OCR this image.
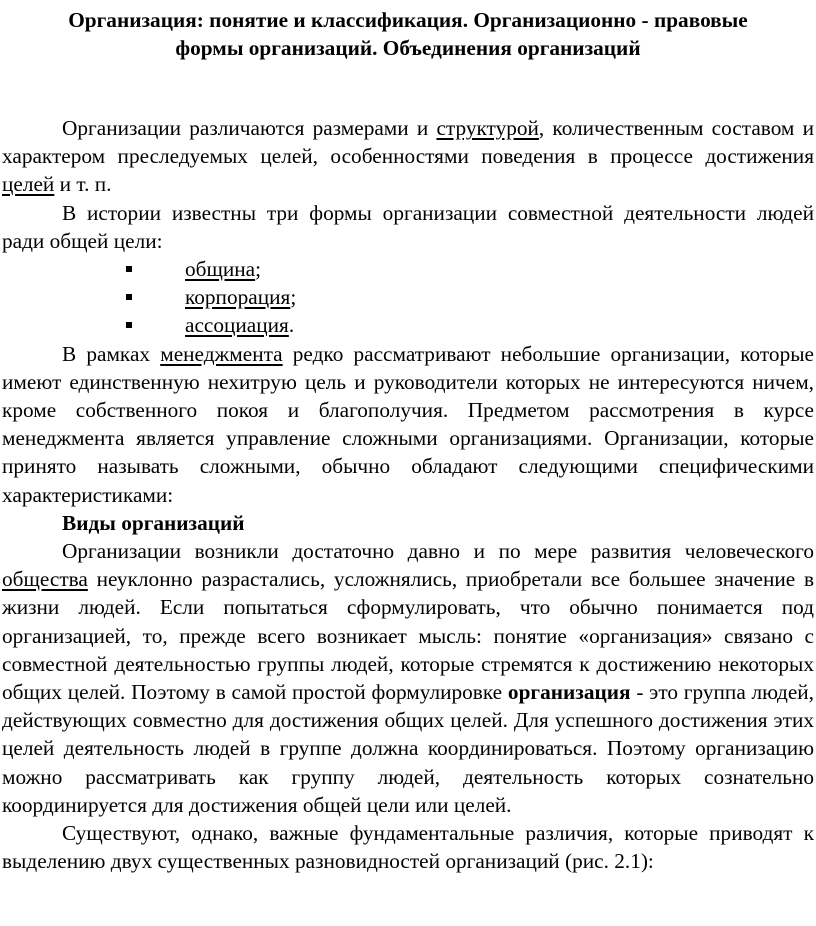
Организация: понятие и классификация. Организационно - правовые
формы организаций. Объединения организаций

Организации различаются размерами и структурой, количественным составом и характером преследуемых целей, особенностями поведения в процессе достижения целей и т. п.

В истории известны три формы организации совместной деятельности людей ради общей цели:

община;
корпорация;
ассоциация.

В рамках менеджмента редко рассматривают небольшие организации, которые имеют единственную нехитрую цель и руководители которых не интересуются ничем, кроме собственного покоя и благополучия. Предметом рассмотрения в курсе менеджмента является управление сложными организациями. Организации, которые принято называть сложными, обычно обладают следующими специфическими характеристиками:

Виды организаций

Организации возникли достаточно давно и по мере развития человеческого общества неуклонно разрастались, усложнялись, приобретали все большее значение в жизни людей. Если попытаться сформулировать, что обычно понимается под организацией, то, прежде всего возникает мысль: понятие «организация» связано с совместной деятельностью группы людей, которые стремятся к достижению некоторых общих целей. Поэтому в самой простой формулировке организация - это группа людей, действующих совместно для достижения общих целей. Для успешного достижения этих целей деятельность людей в группе должна координироваться. Поэтому организацию можно рассматривать как группу людей, деятельность которых сознательно координируется для достижения общей цели или целей.

Существуют, однако, важные фундаментальные различия, которые приводят к выделению двух существенных разновидностей организаций (рис. 2.1):
